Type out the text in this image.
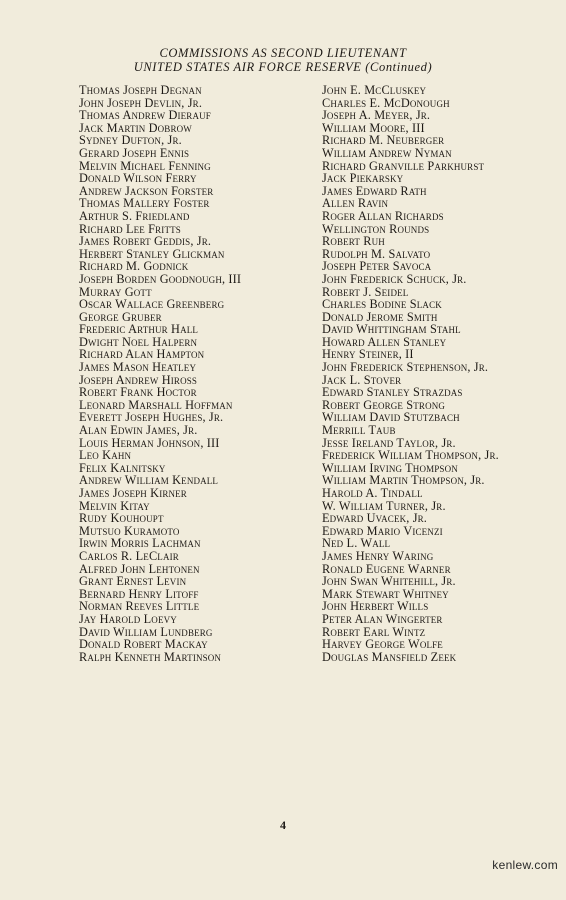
COMMISSIONS AS SECOND LIEUTENANT
UNITED STATES AIR FORCE RESERVE (Continued)
Thomas Joseph Degnan
John Joseph Devlin, Jr.
Thomas Andrew Dierauf
Jack Martin Dobrow
Sydney Dufton, Jr.
Gerard Joseph Ennis
Melvin Michael Fenning
Donald Wilson Ferry
Andrew Jackson Forster
Thomas Mallery Foster
Arthur S. Friedland
Richard Lee Fritts
James Robert Geddis, Jr.
Herbert Stanley Glickman
Richard M. Godnick
Joseph Borden Goodnough, III
Murray Gott
Oscar Wallace Greenberg
George Gruber
Frederic Arthur Hall
Dwight Noel Halpern
Richard Alan Hampton
James Mason Heatley
Joseph Andrew Hiross
Robert Frank Hoctor
Leonard Marshall Hoffman
Everett Joseph Hughes, Jr.
Alan Edwin James, Jr.
Louis Herman Johnson, III
Leo Kahn
Felix Kalnitsky
Andrew William Kendall
James Joseph Kirner
Melvin Kitay
Rudy Kouhoupt
Mutsuo Kuramoto
Irwin Morris Lachman
Carlos R. LeClair
Alfred John Lehtonen
Grant Ernest Levin
Bernard Henry Litoff
Norman Reeves Little
Jay Harold Loevy
David William Lundberg
Donald Robert Mackay
Ralph Kenneth Martinson
John E. McCluskey
Charles E. McDonough
Joseph A. Meyer, Jr.
William Moore, III
Richard M. Neuberger
William Andrew Nyman
Richard Granville Parkhurst
Jack Piekarsky
James Edward Rath
Allen Ravin
Roger Allan Richards
Wellington Rounds
Robert Ruh
Rudolph M. Salvato
Joseph Peter Savoca
John Frederick Schuck, Jr.
Robert J. Seidel
Charles Bodine Slack
Donald Jerome Smith
David Whittingham Stahl
Howard Allen Stanley
Henry Steiner, II
John Frederick Stephenson, Jr.
Jack L. Stover
Edward Stanley Strazdas
Robert George Strong
William David Stutzbach
Merrill Taub
Jesse Ireland Taylor, Jr.
Frederick William Thompson, Jr.
William Irving Thompson
William Martin Thompson, Jr.
Harold A. Tindall
W. William Turner, Jr.
Edward Uvacek, Jr.
Edward Mario Vicenzi
Ned L. Wall
James Henry Waring
Ronald Eugene Warner
John Swan Whitehill, Jr.
Mark Stewart Whitney
John Herbert Wills
Peter Alan Wingerter
Robert Earl Wintz
Harvey George Wolfe
Douglas Mansfield Zeek
4
kenlew.com
